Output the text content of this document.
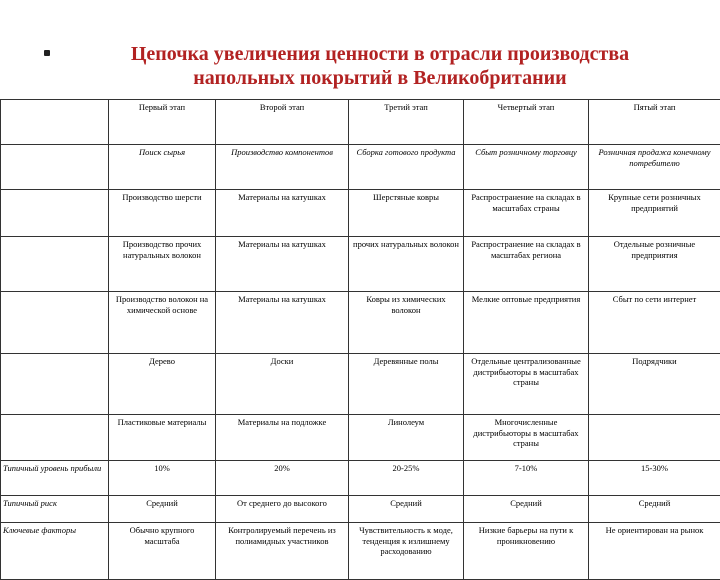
Цепочка увеличения ценности в отрасли производства
напольных покрытий в Великобритании
	Первый этап	Второй этап	Третий этап	Четвертый этап	Пятый этап
	Поиск сырья	Производство компонентов	Сборка готового продукта	Сбыт розничному торговцу	Розничная продажа конечному потребителю
	Производство шерсти	Материалы на катушках	Шерстяные ковры	Распространение на складах в масштабах страны	Крупные сети розничных предприятий
	Производство прочих натуральных волокон	Материалы на катушках	прочих натуральных волокон	Распространение на складах в масштабах региона	Отдельные розничные предприятия
	Производство волокон на химической основе	Материалы на катушках	Ковры из химических волокон	Мелкие оптовые предприятия	Сбыт по сети интернет
	Дерево	Доски	Деревянные полы	Отдельные централизованные дистрибьюторы в масштабах страны	Подрядчики
	Пластиковые материалы	Материалы на подложке	Линолеум	Многочисленные дистрибьюторы в масштабах страны	
Типичный уровень прибыли	10%	20%	20-25%	7-10%	15-30%
Типичный риск	Средний	От среднего до высокого	Средний	Средний	Средний
Ключевые факторы	Обычно крупного масштаба	Контролируемый перечень из полиамидных участников	Чувствительность к моде, тенденция к излишнему расходованию	Низкие барьеры на пути к проникновению	Не ориентирован на рынок
